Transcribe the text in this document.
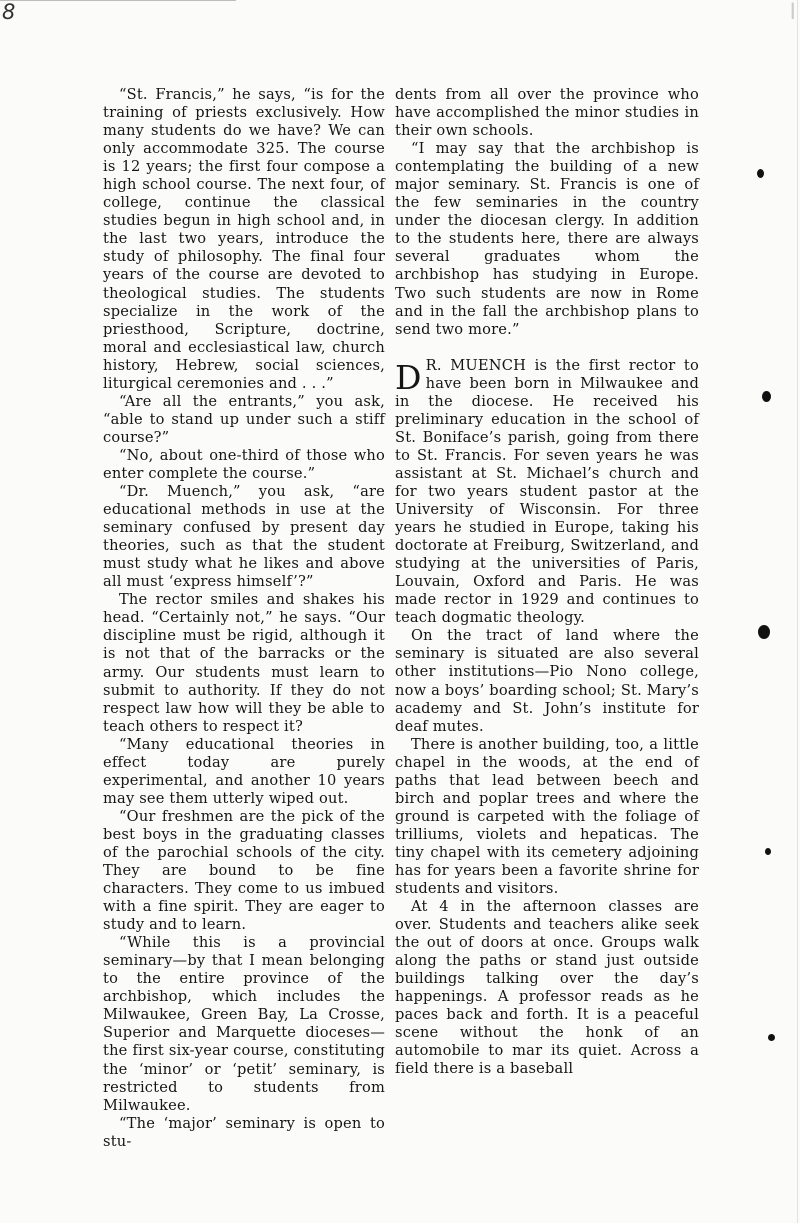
8	I

“St. Francis,” he says, “is for the training of priests exclusively. How many students do we have? We can only accommodate 325. The course is 12 years; the first four compose a high school course. The next four, of college, continue the classical studies begun in high school and, in the last two years, introduce the study of philosophy. The final four years of the course are devoted to theological studies. The students specialize in the work of the priesthood, Scripture, doctrine, moral and ecclesiastical law, church history, Hebrew, social sciences, liturgical ceremonies and . . .”

“Are all the entrants,” you ask, “able to stand up under such a stiff course?”

“No, about one-third of those who enter complete the course.”

“Dr. Muench,” you ask, “are educational methods in use at the seminary confused by present day theories, such as that the student must study what he likes and above all must ‘express himself’?”

The rector smiles and shakes his head. “Certainly not,” he says. “Our discipline must be rigid, although it is not that of the barracks or the army. Our students must learn to submit to authority. If they do not respect law how will they be able to teach others to respect it?

“Many educational theories in effect today are purely experimental, and another 10 years may see them utterly wiped out.

“Our freshmen are the pick of the best boys in the graduating classes of the parochial schools of the city. They are bound to be fine characters. They come to us imbued with a fine spirit. They are eager to study and to learn.

“While this is a provincial seminary—by that I mean belonging to the entire province of the archbishop, which includes the Milwaukee, Green Bay, La Crosse, Superior and Marquette dioceses—the first six-year course, constituting the ‘minor’ or ‘petit’ seminary, is restricted to students from Milwaukee.

“The ‘major’ seminary is open to stu-

dents from all over the province who have accomplished the minor studies in their own schools.

“I may say that the archbishop is contemplating the building of a new major seminary. St. Francis is one of the few seminaries in the country under the diocesan clergy. In addition to the students here, there are always several graduates whom the archbishop has studying in Europe. Two such students are now in Rome and in the fall the archbishop plans to send two more.”

D R. MUENCH is the first rector to have been born in Milwaukee and in the diocese. He received his preliminary education in the school of St. Boniface’s parish, going from there to St. Francis. For seven years he was assistant at St. Michael’s church and for two years student pastor at the University of Wisconsin. For three years he studied in Europe, taking his doctorate at Freiburg, Switzerland, and studying at the universities of Paris, Louvain, Oxford and Paris. He was made rector in 1929 and continues to teach dogmatic theology.

On the tract of land where the seminary is situated are also several other institutions—Pio Nono college, now a boys’ boarding school; St. Mary’s academy and St. John’s institute for deaf mutes.

There is another building, too, a little chapel in the woods, at the end of paths that lead between beech and birch and poplar trees and where the ground is carpeted with the foliage of trilliums, violets and hepaticas. The tiny chapel with its cemetery adjoining has for years been a favorite shrine for students and visitors.

At 4 in the afternoon classes are over. Students and teachers alike seek the out of doors at once. Groups walk along the paths or stand just outside buildings talking over the day’s happenings. A professor reads as he paces back and forth. It is a peaceful scene without the honk of an automobile to mar its quiet. Across a field there is a baseball
